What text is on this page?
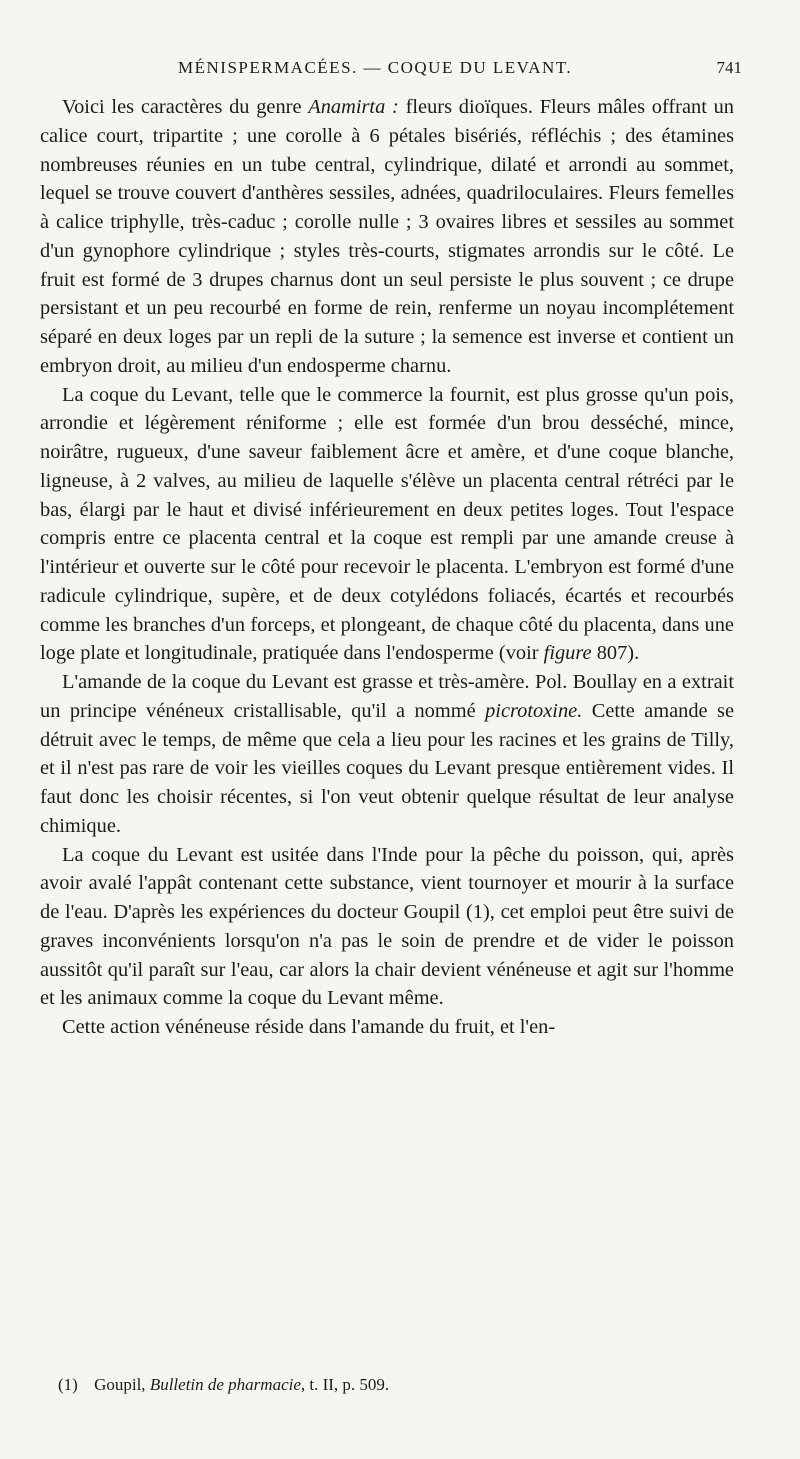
MÉNISPERMACÉES. — COQUE DU LEVANT.	741

Voici les caractères du genre Anamirta : fleurs dioïques. Fleurs mâles offrant un calice court, tripartite ; une corolle à 6 pétales bisériés, réfléchis ; des étamines nombreuses réunies en un tube central, cylindrique, dilaté et arrondi au sommet, lequel se trouve couvert d'anthères sessiles, adnées, quadriloculaires. Fleurs femelles à calice triphylle, très-caduc ; corolle nulle ; 3 ovaires libres et sessiles au sommet d'un gynophore cylindrique ; styles très-courts, stigmates arrondis sur le côté. Le fruit est formé de 3 drupes charnus dont un seul persiste le plus souvent ; ce drupe persistant et un peu recourbé en forme de rein, renferme un noyau incomplétement séparé en deux loges par un repli de la suture ; la semence est inverse et contient un embryon droit, au milieu d'un endosperme charnu.

La coque du Levant, telle que le commerce la fournit, est plus grosse qu'un pois, arrondie et légèrement réniforme ; elle est formée d'un brou desséché, mince, noirâtre, rugueux, d'une saveur faiblement âcre et amère, et d'une coque blanche, ligneuse, à 2 valves, au milieu de laquelle s'élève un placenta central rétréci par le bas, élargi par le haut et divisé inférieurement en deux petites loges. Tout l'espace compris entre ce placenta central et la coque est rempli par une amande creuse à l'intérieur et ouverte sur le côté pour recevoir le placenta. L'embryon est formé d'une radicule cylindrique, supère, et de deux cotylédons foliacés, écartés et recourbés comme les branches d'un forceps, et plongeant, de chaque côté du placenta, dans une loge plate et longitudinale, pratiquée dans l'endosperme (voir figure 807).

L'amande de la coque du Levant est grasse et très-amère. Pol. Boullay en a extrait un principe vénéneux cristallisable, qu'il a nommé picrotoxine. Cette amande se détruit avec le temps, de même que cela a lieu pour les racines et les grains de Tilly, et il n'est pas rare de voir les vieilles coques du Levant presque entièrement vides. Il faut donc les choisir récentes, si l'on veut obtenir quelque résultat de leur analyse chimique.

La coque du Levant est usitée dans l'Inde pour la pêche du poisson, qui, après avoir avalé l'appât contenant cette substance, vient tournoyer et mourir à la surface de l'eau. D'après les expériences du docteur Goupil (1), cet emploi peut être suivi de graves inconvénients lorsqu'on n'a pas le soin de prendre et de vider le poisson aussitôt qu'il paraît sur l'eau, car alors la chair devient vénéneuse et agit sur l'homme et les animaux comme la coque du Levant même.

Cette action vénéneuse réside dans l'amande du fruit, et l'en-

(1) Goupil, Bulletin de pharmacie, t. II, p. 509.
